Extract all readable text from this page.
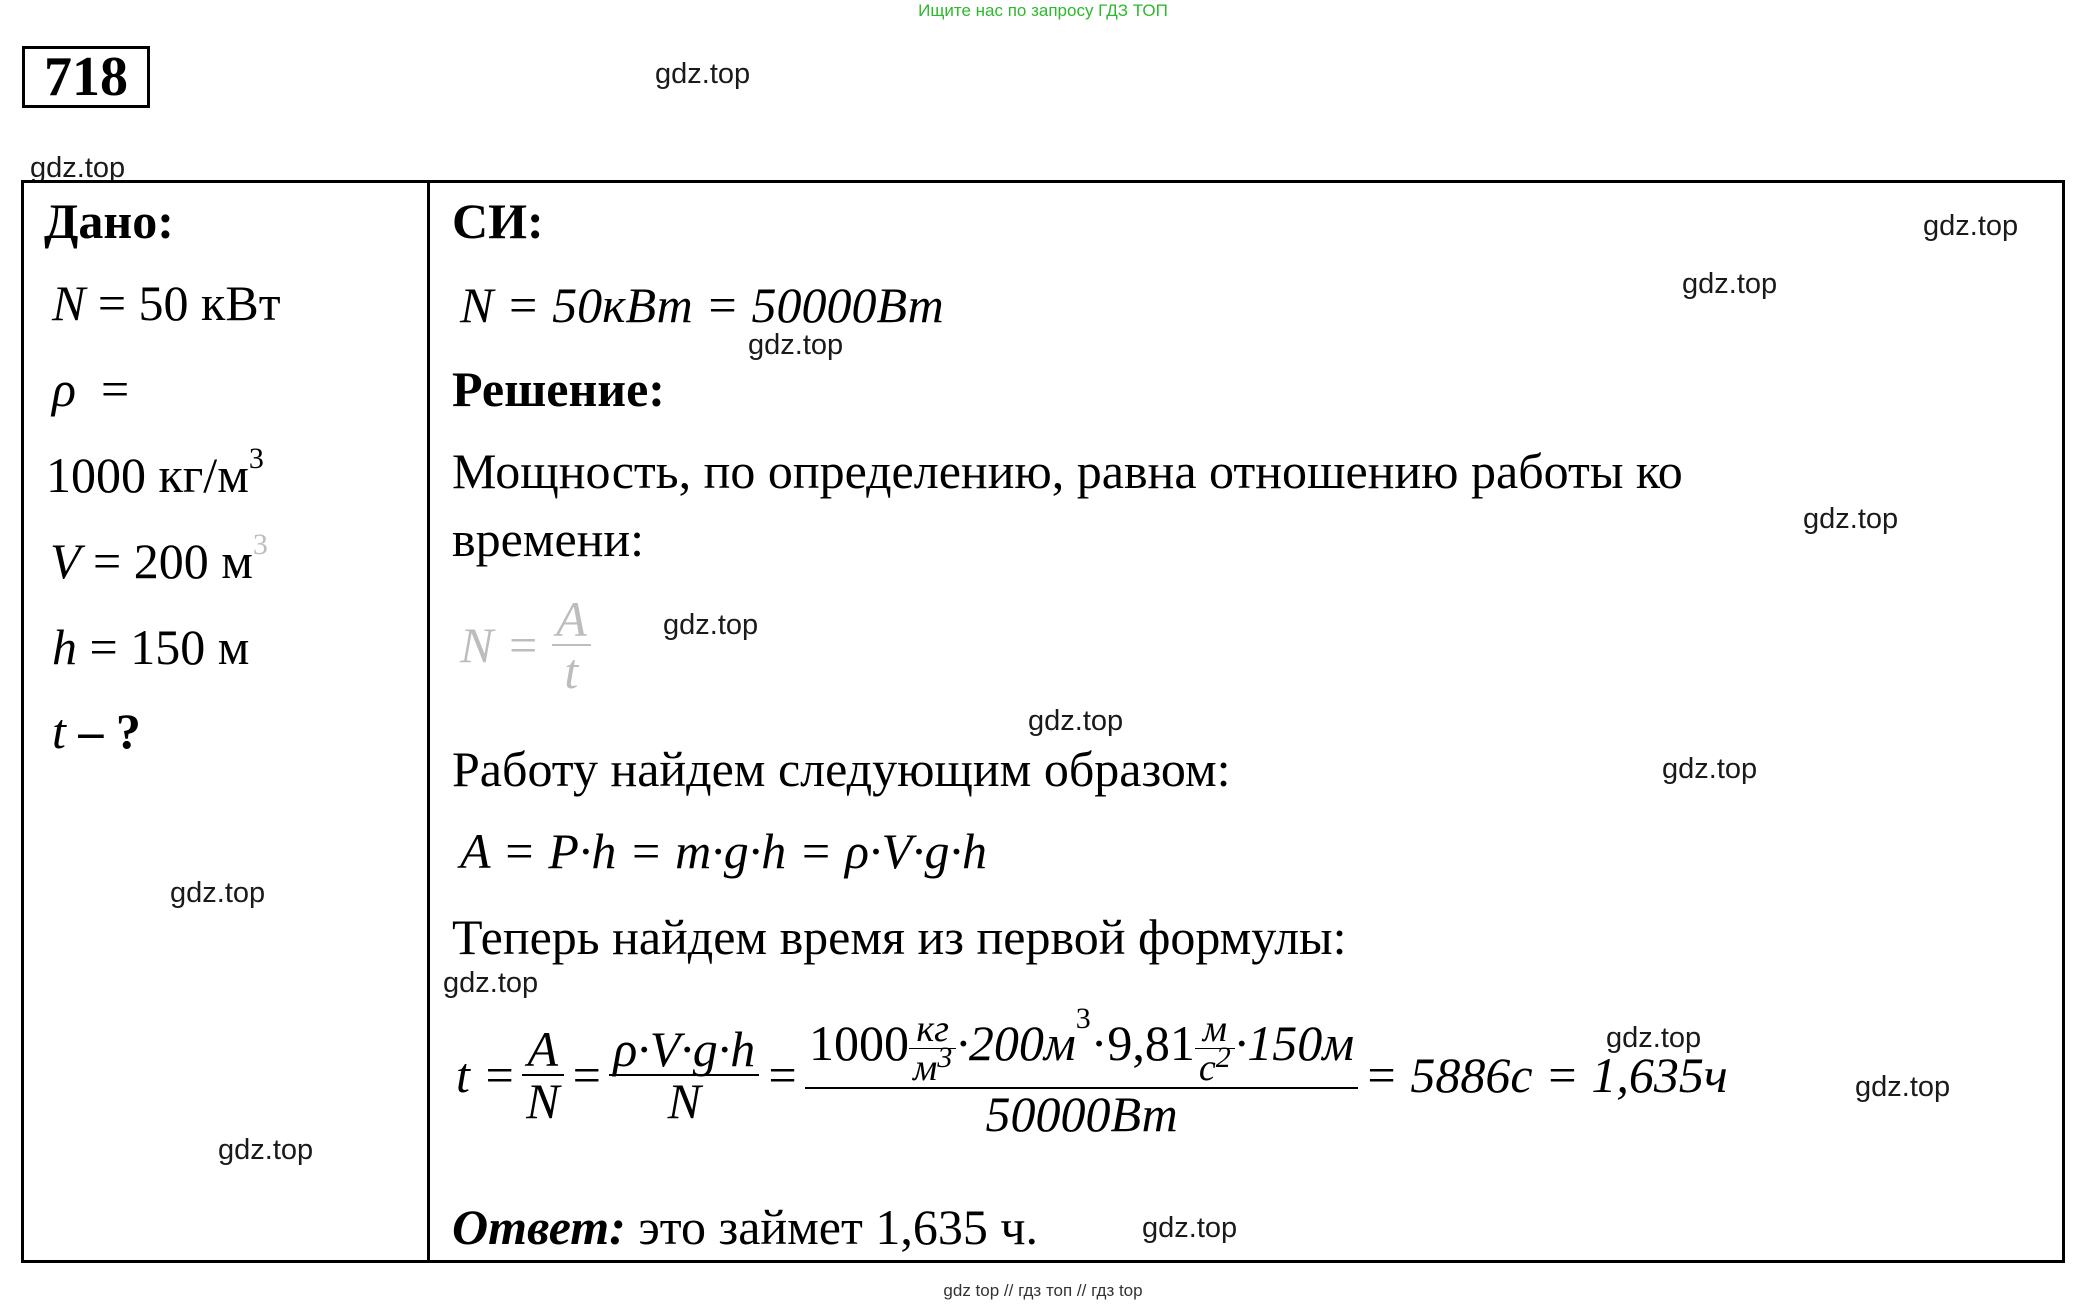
Ищите нас по запросу ГДЗ ТОП
718	gdz.top
gdz.top
gdz.top
gdz.top
gdz.top
gdz.top
gdz.top
gdz.top
gdz.top
gdz.top
gdz.top
gdz.top
gdz.top
gdz.top
gdz.top
Дано:
N = 50 кВт
ρ =
1000 $кг/м^3$
V = 200 $м^3$
h = 150 м
t – ?
СИ:
N = 50кВт = 50000Вт
Решение:
Мощность, по определению, равна отношению работы ко
времени:
$N = \frac{A}{t}$
Работу найдем следующим образом:
A = P·h = m·g·h = ρ·V·g·h
Теперь найдем время из первой формулы:
$t = \frac{A}{N} = \frac{\rho\cdot V\cdot g\cdot h}{N} = \frac{1000 \frac{кг}{м^3} \cdot 200м^3\cdot 9,81 \frac{м}{с^2} \cdot 150м}{50000Вт} = 5886с = 1,635ч$
Ответ: это займет 1,635 ч.
gdz top // гдз топ // гдз top
